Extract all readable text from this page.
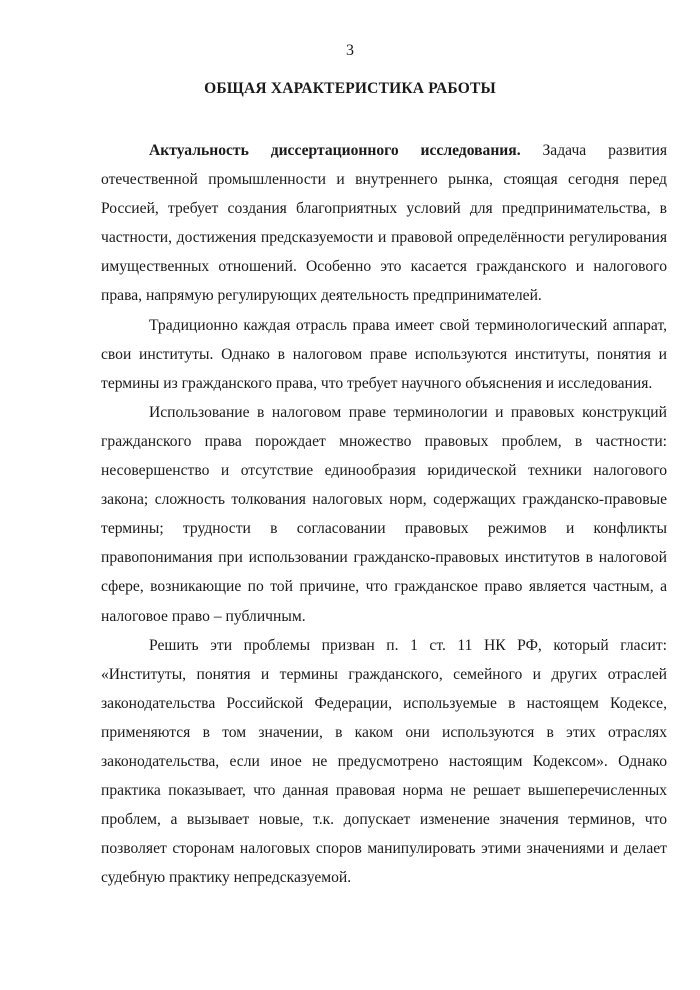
3
ОБЩАЯ ХАРАКТЕРИСТИКА РАБОТЫ

Актуальность диссертационного исследования. Задача развития отечественной промышленности и внутреннего рынка, стоящая сегодня перед Россией, требует создания благоприятных условий для предпринимательства, в частности, достижения предсказуемости и правовой определённости регулирования имущественных отношений. Особенно это касается гражданского и налогового права, напрямую регулирующих деятельность предпринимателей.

Традиционно каждая отрасль права имеет свой терминологический аппарат, свои институты. Однако в налоговом праве используются институты, понятия и термины из гражданского права, что требует научного объяснения и исследования.

Использование в налоговом праве терминологии и правовых конструкций гражданского права порождает множество правовых проблем, в частности: несовершенство и отсутствие единообразия юридической техники налогового закона; сложность толкования налоговых норм, содержащих гражданско-правовые термины; трудности в согласовании правовых режимов и конфликты правопонимания при использовании гражданско-правовых институтов в налоговой сфере, возникающие по той причине, что гражданское право является частным, а налоговое право – публичным.

Решить эти проблемы призван п. 1 ст. 11 НК РФ, который гласит: «Институты, понятия и термины гражданского, семейного и других отраслей законодательства Российской Федерации, используемые в настоящем Кодексе, применяются в том значении, в каком они используются в этих отраслях законодательства, если иное не предусмотрено настоящим Кодексом». Однако практика показывает, что данная правовая норма не решает вышеперечисленных проблем, а вызывает новые, т.к. допускает изменение значения терминов, что позволяет сторонам налоговых споров манипулировать этими значениями и делает судебную практику непредсказуемой.
